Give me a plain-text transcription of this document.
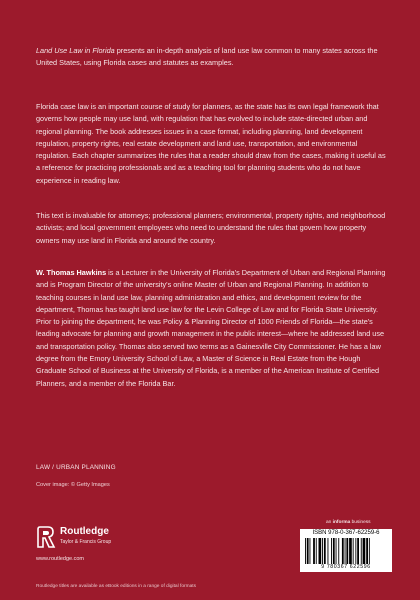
Land Use Law in Florida presents an in-depth analysis of land use law common to many states across the United States, using Florida cases and statutes as examples.

Florida case law is an important course of study for planners, as the state has its own legal framework that governs how people may use land, with regulation that has evolved to include state-directed urban and regional planning. The book addresses issues in a case format, including planning, land development regulation, property rights, real estate development and land use, transportation, and environmental regulation. Each chapter summarizes the rules that a reader should draw from the cases, making it useful as a reference for practicing professionals and as a teaching tool for planning students who do not have experience in reading law.

This text is invaluable for attorneys; professional planners; environmental, property rights, and neighborhood activists; and local government employees who need to understand the rules that govern how property owners may use land in Florida and around the country.

W. Thomas Hawkins is a Lecturer in the University of Florida's Department of Urban and Regional Planning and is Program Director of the university's online Master of Urban and Regional Planning. In addition to teaching courses in land use law, planning administration and ethics, and development review for the department, Thomas has taught land use law for the Levin College of Law and for Florida State University. Prior to joining the department, he was Policy & Planning Director of 1000 Friends of Florida—the state's leading advocate for planning and growth management in the public interest—where he addressed land use and transportation policy. Thomas also served two terms as a Gainesville City Commissioner. He has a law degree from the Emory University School of Law, a Master of Science in Real Estate from the Hough Graduate School of Business at the University of Florida, is a member of the American Institute of Certified Planners, and a member of the Florida Bar.

LAW / URBAN PLANNING
Cover image: © Getty Images
Routledge
Taylor & Francis Group
www.routledge.com
an informa business
ISBN 978-0-367-62259-6
9 780367 622596
Routledge titles are available as eBook editions in a range of digital formats
